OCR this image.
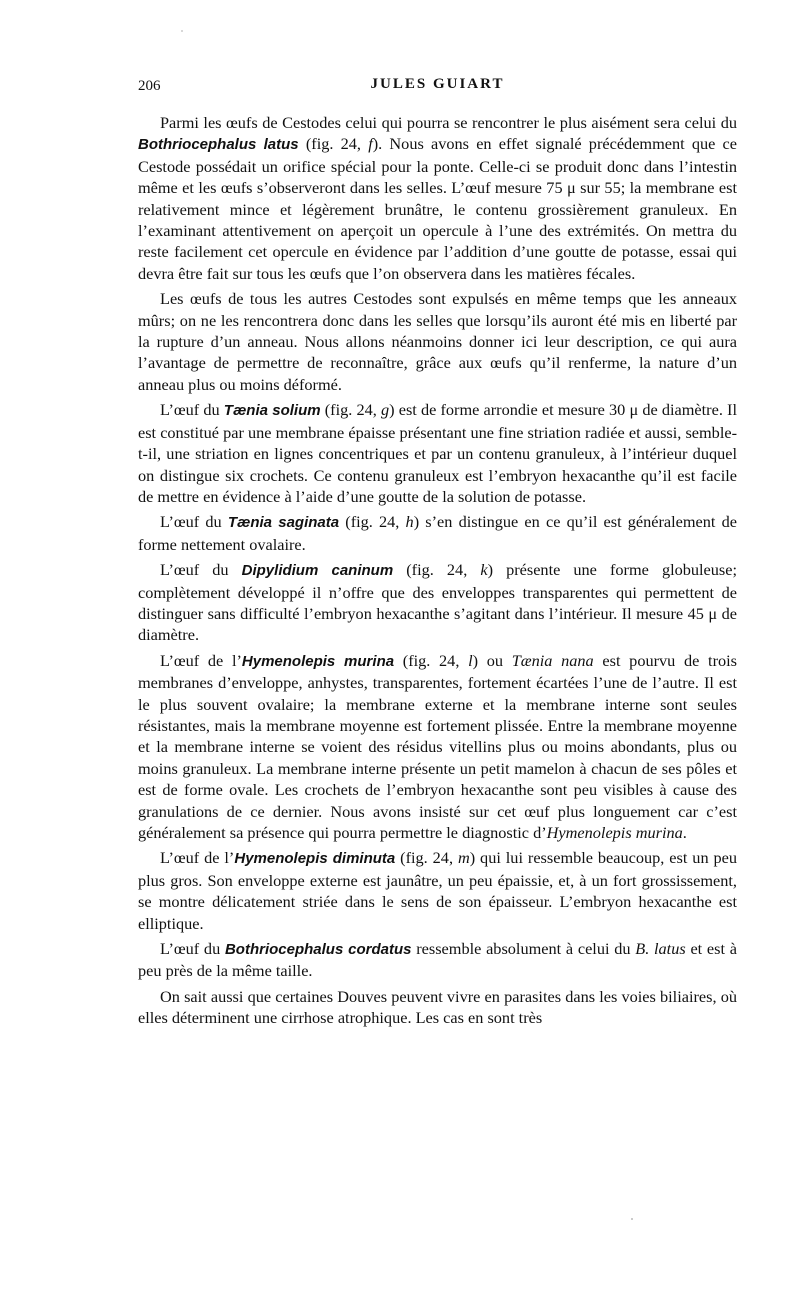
206	JULES GUIART

Parmi les œufs de Cestodes celui qui pourra se rencontrer le plus aisément sera celui du Bothriocephalus latus (fig. 24, f). Nous avons en effet signalé précédemment que ce Cestode possédait un orifice spécial pour la ponte. Celle-ci se produit donc dans l’intestin même et les œufs s’observeront dans les selles. L’œuf mesure 75 μ sur 55; la membrane est relativement mince et légèrement brunâtre, le contenu grossièrement granuleux. En l’examinant attentivement on aperçoit un opercule à l’une des extrémités. On mettra du reste facilement cet opercule en évidence par l’addition d’une goutte de potasse, essai qui devra être fait sur tous les œufs que l’on observera dans les matières fécales.

Les œufs de tous les autres Cestodes sont expulsés en même temps que les anneaux mûrs; on ne les rencontrera donc dans les selles que lorsqu’ils auront été mis en liberté par la rupture d’un anneau. Nous allons néanmoins donner ici leur description, ce qui aura l’avantage de permettre de reconnaître, grâce aux œufs qu’il renferme, la nature d’un anneau plus ou moins déformé.

L’œuf du Tænia solium (fig. 24, g) est de forme arrondie et mesure 30 μ de diamètre. Il est constitué par une membrane épaisse présentant une fine striation radiée et aussi, semble-t-il, une striation en lignes concentriques et par un contenu granuleux, à l’intérieur duquel on distingue six crochets. Ce contenu granuleux est l’embryon hexacanthe qu’il est facile de mettre en évidence à l’aide d’une goutte de la solution de potasse.

L’œuf du Tænia saginata (fig. 24, h) s’en distingue en ce qu’il est généralement de forme nettement ovalaire.

L’œuf du Dipylidium caninum (fig. 24, k) présente une forme globuleuse; complètement développé il n’offre que des enveloppes transparentes qui permettent de distinguer sans difficulté l’embryon hexacanthe s’agitant dans l’intérieur. Il mesure 45 μ de diamètre.

L’œuf de l’Hymenolepis murina (fig. 24, l) ou Tænia nana est pourvu de trois membranes d’enveloppe, anhystes, transparentes, fortement écartées l’une de l’autre. Il est le plus souvent ovalaire; la membrane externe et la membrane interne sont seules résistantes, mais la membrane moyenne est fortement plissée. Entre la membrane moyenne et la membrane interne se voient des résidus vitellins plus ou moins abondants, plus ou moins granuleux. La membrane interne présente un petit mamelon à chacun de ses pôles et est de forme ovale. Les crochets de l’embryon hexacanthe sont peu visibles à cause des granulations de ce dernier. Nous avons insisté sur cet œuf plus longuement car c’est généralement sa présence qui pourra permettre le diagnostic d’Hymenolepis murina.

L’œuf de l’Hymenolepis diminuta (fig. 24, m) qui lui ressemble beaucoup, est un peu plus gros. Son enveloppe externe est jaunâtre, un peu épaissie, et, à un fort grossissement, se montre délicatement striée dans le sens de son épaisseur. L’embryon hexacanthe est elliptique.

L’œuf du Bothriocephalus cordatus ressemble absolument à celui du B. latus et est à peu près de la même taille.

On sait aussi que certaines Douves peuvent vivre en parasites dans les voies biliaires, où elles déterminent une cirrhose atrophique. Les cas en sont très
